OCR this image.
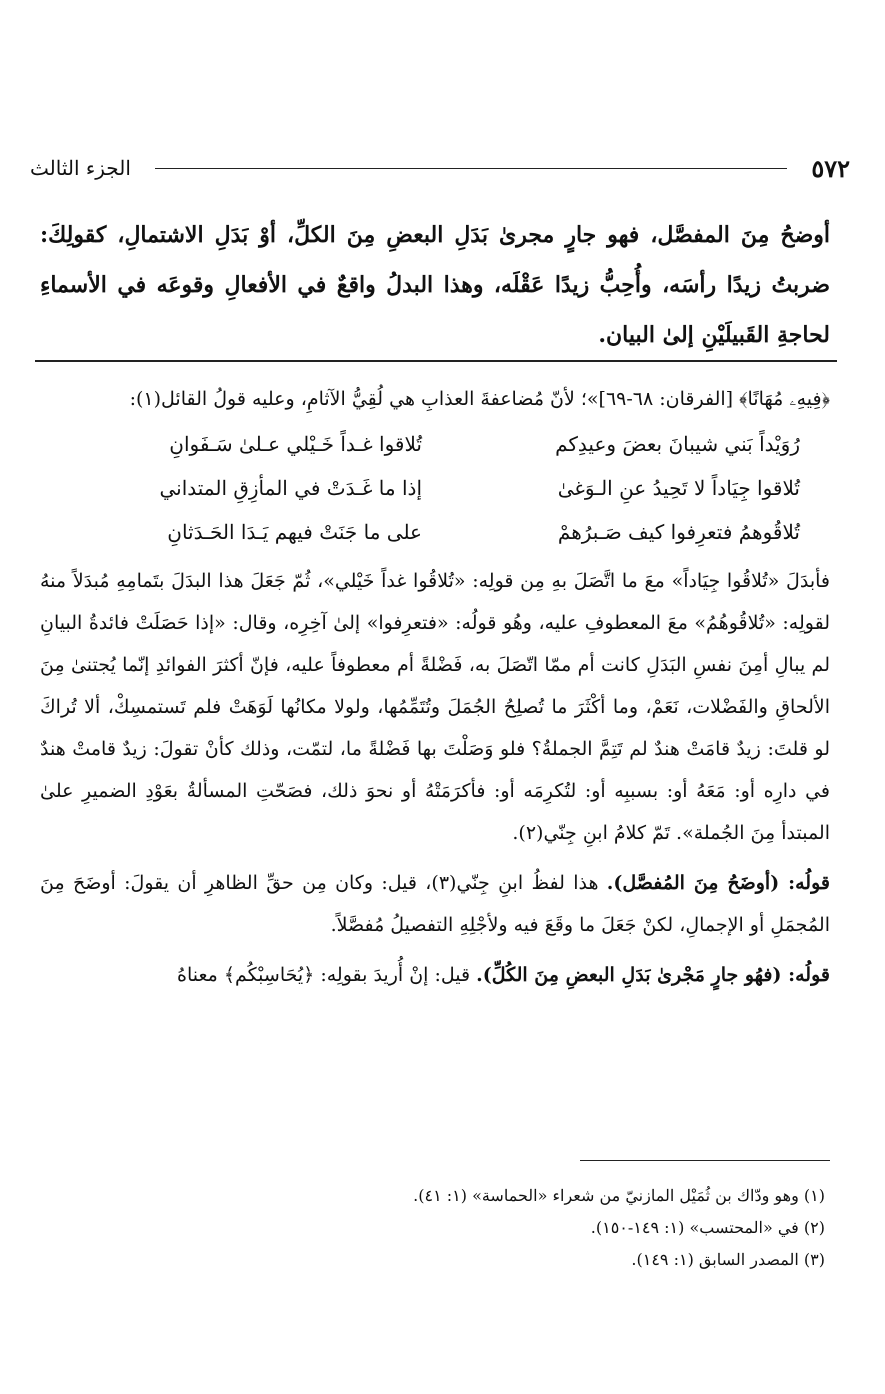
٥٧٢
الجزء الثالث
أوضحُ مِنَ المفصَّل، فهو جارٍ مجرىٰ بَدَلِ البعضِ مِنَ الكلِّ، أوْ بَدَلِ الاشتمالِ، كقولِكَ: ضربتُ زيدًا رأسَه، وأُحِبُّ زيدًا عَقْلَه، وهذا البدلُ واقعٌ في الأفعالِ وقوعَه في الأسماءِ لحاجةِ القَبيلَيْنِ إلىٰ البيان.

﴿فِيهِۦ مُهَانًا﴾ [الفرقان: ٦٨-٦٩]»؛ لأنّ مُضاعفةَ العذابِ هي لُقِيُّ الآثامِ، وعليه قولُ القائل(١):

رُوَيْداً بَني شيبانَ بعضَ وعيدِكم
تُلاقوا غـداً خَـيْلي عـلىٰ سَـفَوانِ
تُلاقوا جِيَاداً لا تَحِيدُ عنِ الـوَغىٰ
إذا ما غَـدَتْ في المأزِقِ المتداني
تُلاقُوهمُ فتعرِفوا كيف صَـبرُهمْ
على ما جَنَتْ فيهم يَـدَا الحَـدَثانِ

فأبدَلَ «تُلاقُوا جِيَاداً» معَ ما اتَّصَلَ بهِ مِن قولِه: «تُلاقُوا غداً خَيْلي»، ثُمّ جَعَلَ هذا البدَلَ بتَمامِهِ مُبدَلاً منهُ لقولِه: «تُلاقُوهُمُ» معَ المعطوفِ عليه، وهُو قولُه: «فتعرِفوا» إلىٰ آخِرِه، وقال: «إذا حَصَلَتْ فائدةُ البيانِ لم يبالِ أمِنَ نفسِ البَدَلِ كانت أم ممّا اتّصَلَ به، فَضْلةً أم معطوفاً عليه، فإنّ أكثرَ الفوائدِ إنّما يُجتنىٰ مِنَ الألحاقِ والفَضْلات، نَعَمْ، وما أكْثَرَ ما تُصلِحُ الجُمَلَ وتُتَمِّمُها، ولولا مكانُها لَوَهَتْ فلم تَستمسِكْ، ألا تُراكَ لو قلتَ: زيدٌ قامَتْ هندٌ لم تَتِمَّ الجملةُ؟ فلو وَصَلْتَ بها فَضْلةً ما، لتمّت، وذلك كأنْ تقولَ: زيدٌ قامتْ هندٌ في دارِه أو: مَعَهُ أو: بسببِه أو: لتُكرِمَه أو: فأكرَمَتْهُ أو نحوَ ذلك، فصَحّتِ المسألةُ بعَوْدِ الضميرِ علىٰ المبتدأ مِنَ الجُملة». تَمّ كلامُ ابنِ جِنّي(٢).

قولُه: (أوضَحُ مِنَ المُفصَّل). هذا لفظُ ابنِ جِنّي(٣)، قيل: وكان مِن حقِّ الظاهرِ أن يقولَ: أوضَحَ مِنَ المُجمَلِ أو الإجمالِ، لكنْ جَعَلَ ما وقَعَ فيه ولأجْلِهِ التفصيلُ مُفصَّلاً.

قولُه: (فهُو جارٍ مَجْرىٰ بَدَلِ البعضِ مِنَ الكُلِّ). قيل: إنْ أُريدَ بقولِه: ﴿يُحَاسِبْكُم﴾ معناهُ

(١) وهو ودّاك بن ثُمَيْل المازنيّ من شعراء «الحماسة» (١: ٤١).
(٢) في «المحتسب» (١: ١٤٩-١٥٠).
(٣) المصدر السابق (١: ١٤٩).
